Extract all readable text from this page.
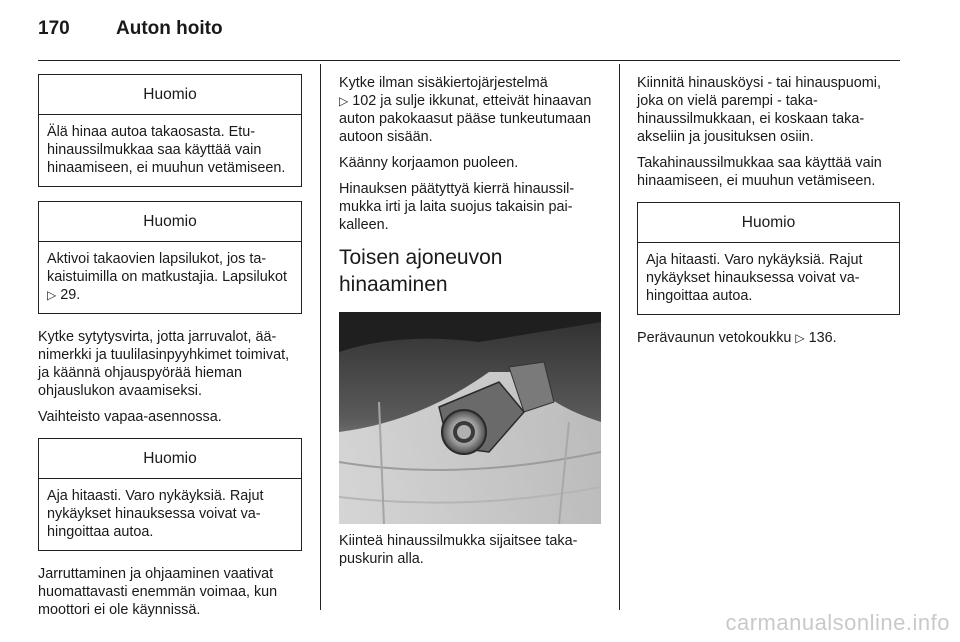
170 Auton hoito
Huomio
Älä hinaa autoa takaosasta. Etuhinaussilmukkaa saa käyttää vain hinaamiseen, ei muuhun vetämiseen.
Huomio
Aktivoi takaovien lapsilukot, jos takaistuimilla on matkustajia. Lapsilukot ▷ 29.

Kytke sytytysvirta, jotta jarruvalot, äänimerkki ja tuulilasinpyyhkimet toimivat, ja käännä ohjauspyörää hieman ohjauslukon avaamiseksi.

Vaihteisto vapaa-asennossa.

Huomio
Aja hitaasti. Varo nykäyksiä. Rajut nykäykset hinauksessa voivat vahingoittaa autoa.

Jarruttaminen ja ohjaaminen vaativat huomattavasti enemmän voimaa, kun moottori ei ole käynnissä.

Kytke ilman sisäkiertojärjestelmä
▷ 102 ja sulje ikkunat, etteivät hinaavan auton pakokaasut pääse tunkeutumaan autoon sisään.

Käänny korjaamon puoleen.

Hinauksen päätyttyä kierrä hinaussilmukka irti ja laita suojus takaisin paikalleen.

Toisen ajoneuvon hinaaminen

Kiinteä hinaussilmukka sijaitsee takapuskurin alla.

Kiinnitä hinausköysi - tai hinauspuomi, joka on vielä parempi - takahinaussilmukkaan, ei koskaan takaakseliin ja jousituksen osiin.

Takahinaussilmukkaa saa käyttää vain hinaamiseen, ei muuhun vetämiseen.

Huomio
Aja hitaasti. Varo nykäyksiä. Rajut nykäykset hinauksessa voivat vahingoittaa autoa.

Perävaunun vetokoukku ▷ 136.

carmanualsonline.info
